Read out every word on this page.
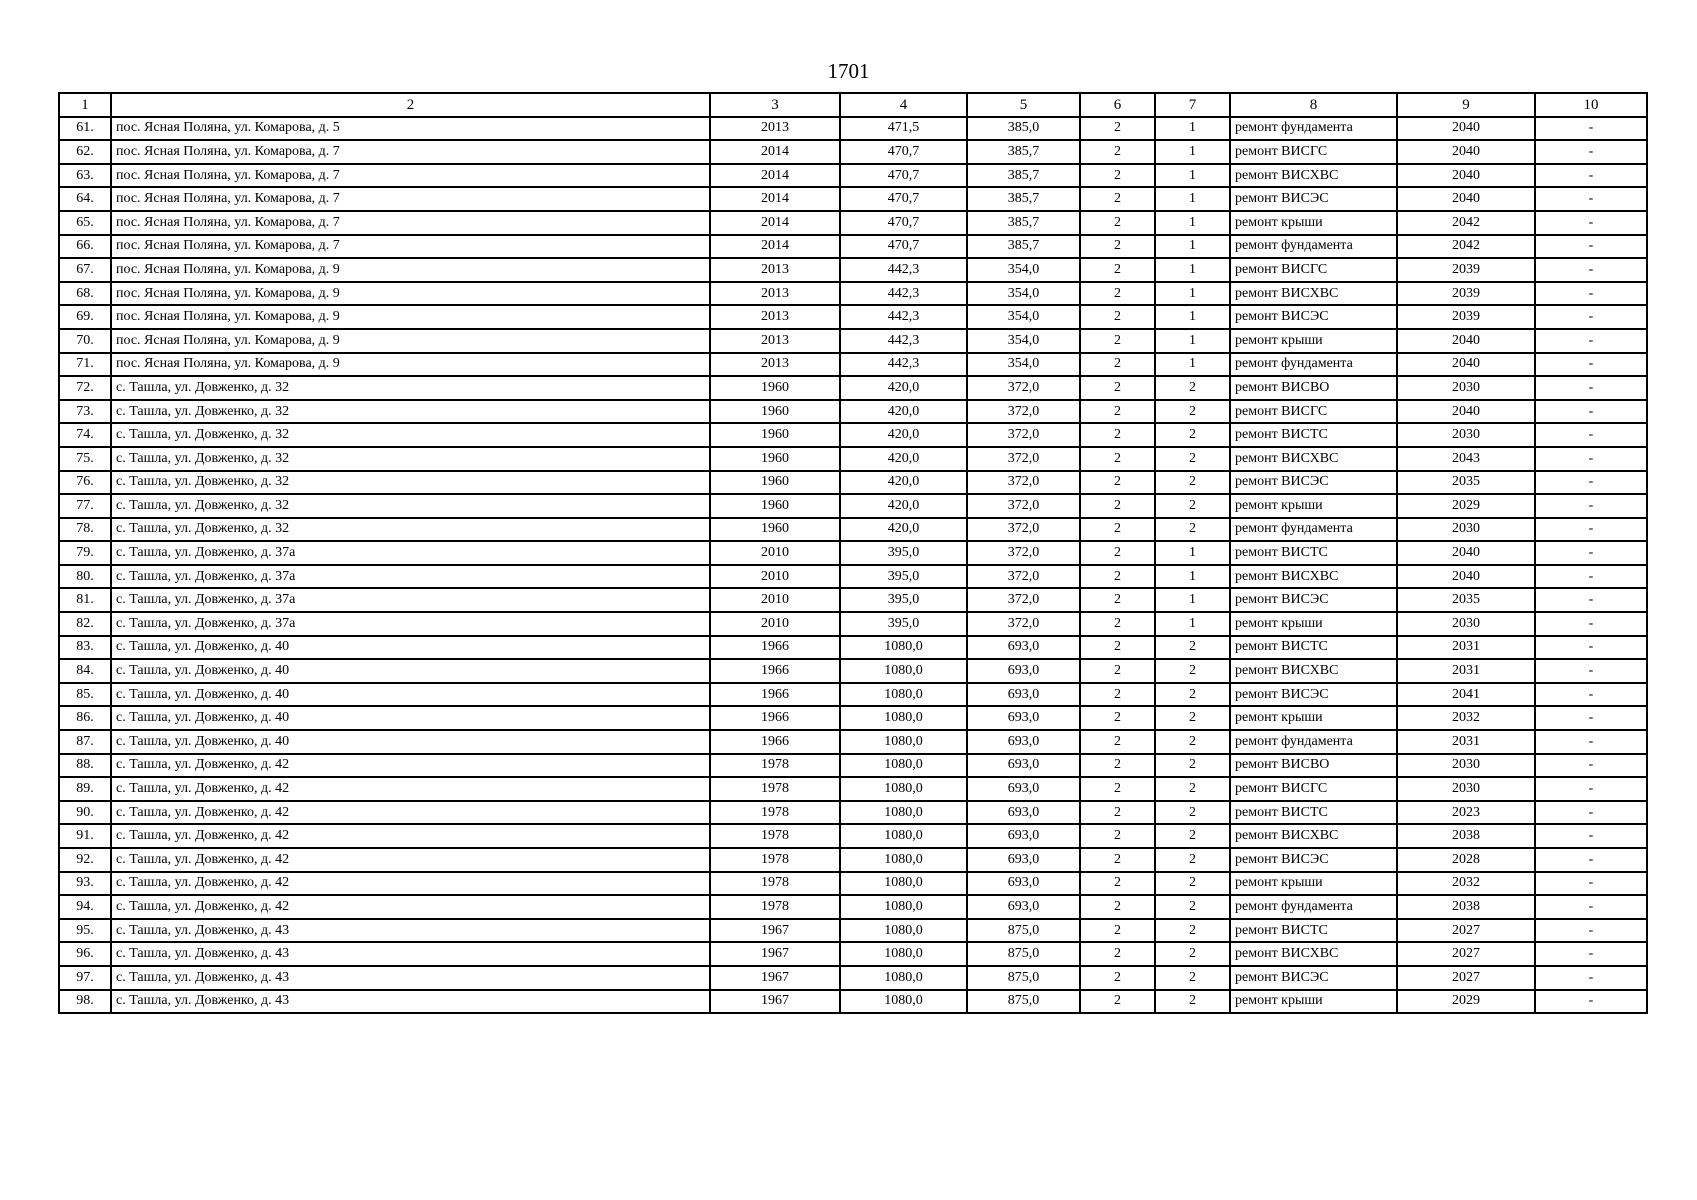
1701
1	2	3	4	5	6	7	8	9	10
61.	пос. Ясная Поляна, ул. Комарова, д. 5	2013	471,5	385,0	2	1	ремонт фундамента	2040	-
62.	пос. Ясная Поляна, ул. Комарова, д. 7	2014	470,7	385,7	2	1	ремонт ВИСГС	2040	-
63.	пос. Ясная Поляна, ул. Комарова, д. 7	2014	470,7	385,7	2	1	ремонт ВИСХВС	2040	-
64.	пос. Ясная Поляна, ул. Комарова, д. 7	2014	470,7	385,7	2	1	ремонт ВИСЭС	2040	-
65.	пос. Ясная Поляна, ул. Комарова, д. 7	2014	470,7	385,7	2	1	ремонт крыши	2042	-
66.	пос. Ясная Поляна, ул. Комарова, д. 7	2014	470,7	385,7	2	1	ремонт фундамента	2042	-
67.	пос. Ясная Поляна, ул. Комарова, д. 9	2013	442,3	354,0	2	1	ремонт ВИСГС	2039	-
68.	пос. Ясная Поляна, ул. Комарова, д. 9	2013	442,3	354,0	2	1	ремонт ВИСХВС	2039	-
69.	пос. Ясная Поляна, ул. Комарова, д. 9	2013	442,3	354,0	2	1	ремонт ВИСЭС	2039	-
70.	пос. Ясная Поляна, ул. Комарова, д. 9	2013	442,3	354,0	2	1	ремонт крыши	2040	-
71.	пос. Ясная Поляна, ул. Комарова, д. 9	2013	442,3	354,0	2	1	ремонт фундамента	2040	-
72.	с. Ташла, ул. Довженко, д. 32	1960	420,0	372,0	2	2	ремонт ВИСВО	2030	-
73.	с. Ташла, ул. Довженко, д. 32	1960	420,0	372,0	2	2	ремонт ВИСГС	2040	-
74.	с. Ташла, ул. Довженко, д. 32	1960	420,0	372,0	2	2	ремонт ВИСТС	2030	-
75.	с. Ташла, ул. Довженко, д. 32	1960	420,0	372,0	2	2	ремонт ВИСХВС	2043	-
76.	с. Ташла, ул. Довженко, д. 32	1960	420,0	372,0	2	2	ремонт ВИСЭС	2035	-
77.	с. Ташла, ул. Довженко, д. 32	1960	420,0	372,0	2	2	ремонт крыши	2029	-
78.	с. Ташла, ул. Довженко, д. 32	1960	420,0	372,0	2	2	ремонт фундамента	2030	-
79.	с. Ташла, ул. Довженко, д. 37а	2010	395,0	372,0	2	1	ремонт ВИСТС	2040	-
80.	с. Ташла, ул. Довженко, д. 37а	2010	395,0	372,0	2	1	ремонт ВИСХВС	2040	-
81.	с. Ташла, ул. Довженко, д. 37а	2010	395,0	372,0	2	1	ремонт ВИСЭС	2035	-
82.	с. Ташла, ул. Довженко, д. 37а	2010	395,0	372,0	2	1	ремонт крыши	2030	-
83.	с. Ташла, ул. Довженко, д. 40	1966	1080,0	693,0	2	2	ремонт ВИСТС	2031	-
84.	с. Ташла, ул. Довженко, д. 40	1966	1080,0	693,0	2	2	ремонт ВИСХВС	2031	-
85.	с. Ташла, ул. Довженко, д. 40	1966	1080,0	693,0	2	2	ремонт ВИСЭС	2041	-
86.	с. Ташла, ул. Довженко, д. 40	1966	1080,0	693,0	2	2	ремонт крыши	2032	-
87.	с. Ташла, ул. Довженко, д. 40	1966	1080,0	693,0	2	2	ремонт фундамента	2031	-
88.	с. Ташла, ул. Довженко, д. 42	1978	1080,0	693,0	2	2	ремонт ВИСВО	2030	-
89.	с. Ташла, ул. Довженко, д. 42	1978	1080,0	693,0	2	2	ремонт ВИСГС	2030	-
90.	с. Ташла, ул. Довженко, д. 42	1978	1080,0	693,0	2	2	ремонт ВИСТС	2023	-
91.	с. Ташла, ул. Довженко, д. 42	1978	1080,0	693,0	2	2	ремонт ВИСХВС	2038	-
92.	с. Ташла, ул. Довженко, д. 42	1978	1080,0	693,0	2	2	ремонт ВИСЭС	2028	-
93.	с. Ташла, ул. Довженко, д. 42	1978	1080,0	693,0	2	2	ремонт крыши	2032	-
94.	с. Ташла, ул. Довженко, д. 42	1978	1080,0	693,0	2	2	ремонт фундамента	2038	-
95.	с. Ташла, ул. Довженко, д. 43	1967	1080,0	875,0	2	2	ремонт ВИСТС	2027	-
96.	с. Ташла, ул. Довженко, д. 43	1967	1080,0	875,0	2	2	ремонт ВИСХВС	2027	-
97.	с. Ташла, ул. Довженко, д. 43	1967	1080,0	875,0	2	2	ремонт ВИСЭС	2027	-
98.	с. Ташла, ул. Довженко, д. 43	1967	1080,0	875,0	2	2	ремонт крыши	2029	-
